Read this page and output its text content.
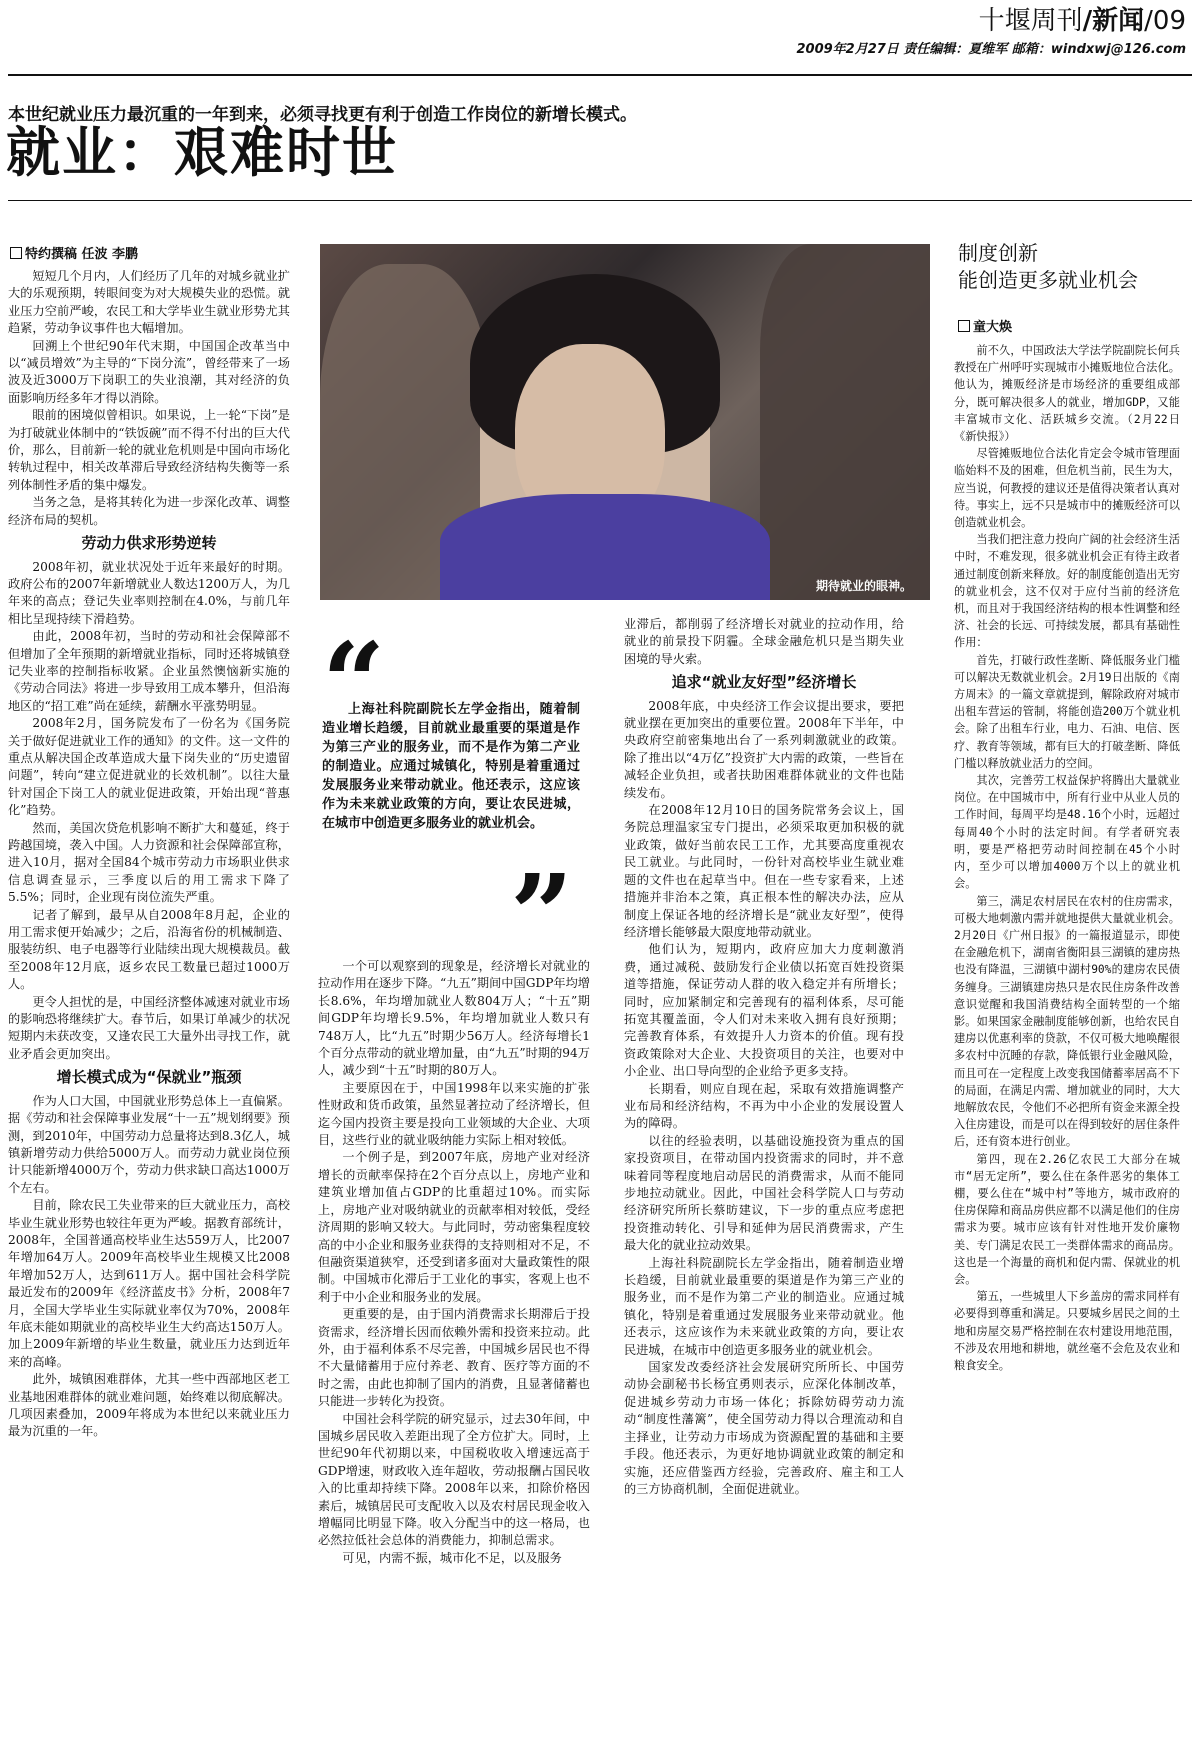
十堰周刊/新闻/09
2009年2月27日 责任编辑：夏维军 邮箱：windxwj@126.com
本世纪就业压力最沉重的一年到来，必须寻找更有利于创造工作岗位的新增长模式。
就业：艰难时世
特约撰稿 任波 李鹏
期待就业的眼神。

短短几个月内，人们经历了几年的对城乡就业扩大的乐观预期，转眼间变为对大规模失业的恐慌。就业压力空前严峻，农民工和大学毕业生就业形势尤其趋紧，劳动争议事件也大幅增加。

回溯上个世纪90年代末期，中国国企改革当中以“减员增效”为主导的“下岗分流”，曾经带来了一场波及近3000万下岗职工的失业浪潮，其对经济的负面影响历经多年才得以消除。

眼前的困境似曾相识。如果说，上一轮“下岗”是为打破就业体制中的“铁饭碗”而不得不付出的巨大代价，那么，目前新一轮的就业危机则是中国向市场化转轨过程中，相关改革滞后导致经济结构失衡等一系列体制性矛盾的集中爆发。

当务之急，是将其转化为进一步深化改革、调整经济布局的契机。

劳动力供求形势逆转

2008年初，就业状况处于近年来最好的时期。政府公布的2007年新增就业人数达1200万人，为几年来的高点；登记失业率则控制在4.0%，与前几年相比呈现持续下滑趋势。

由此，2008年初，当时的劳动和社会保障部不但增加了全年预期的新增就业指标，同时还将城镇登记失业率的控制指标收紧。企业虽然懊恼新实施的《劳动合同法》将进一步导致用工成本攀升，但沿海地区的“招工难”尚在延续，薪酬水平涨势明显。

2008年2月，国务院发布了一份名为《国务院关于做好促进就业工作的通知》的文件。这一文件的重点从解决国企改革造成大量下岗失业的“历史遗留问题”，转向“建立促进就业的长效机制”。以往大量针对国企下岗工人的就业促进政策，开始出现“普惠化”趋势。

然而，美国次贷危机影响不断扩大和蔓延，终于跨越国境，袭入中国。人力资源和社会保障部宣称，进入10月，据对全国84个城市劳动力市场职业供求信息调查显示，三季度以后的用工需求下降了5.5%；同时，企业现有岗位流失严重。

记者了解到，最早从自2008年8月起，企业的用工需求便开始减少；之后，沿海省份的机械制造、服装纺织、电子电器等行业陆续出现大规模裁员。截至2008年12月底，返乡农民工数量已超过1000万人。

更令人担忧的是，中国经济整体减速对就业市场的影响恐将继续扩大。春节后，如果订单减少的状况短期内未获改变，又逢农民工大量外出寻找工作，就业矛盾会更加突出。

增长模式成为“保就业”瓶颈

作为人口大国，中国就业形势总体上一直偏紧。据《劳动和社会保障事业发展“十一五”规划纲要》预测，到2010年，中国劳动力总量将达到8.3亿人，城镇新增劳动力供给5000万人。而劳动力就业岗位预计只能新增4000万个，劳动力供求缺口高达1000万个左右。

目前，除农民工失业带来的巨大就业压力，高校毕业生就业形势也较往年更为严峻。据教育部统计，2008年，全国普通高校毕业生达559万人，比2007年增加64万人。2009年高校毕业生规模又比2008年增加52万人，达到611万人。据中国社会科学院最近发布的2009年《经济蓝皮书》分析，2008年7月，全国大学毕业生实际就业率仅为70%，2008年年底未能如期就业的高校毕业生大约高达150万人。加上2009年新增的毕业生数量，就业压力达到近年来的高峰。

此外，城镇困难群体，尤其一些中西部地区老工业基地困难群体的就业难问题，始终难以彻底解决。几项因素叠加，2009年将成为本世纪以来就业压力最为沉重的一年。

“
上海社科院副院长左学金指出，随着制造业增长趋缓，目前就业最重要的渠道是作为第三产业的服务业，而不是作为第二产业的制造业。应通过城镇化，特别是着重通过发展服务业来带动就业。他还表示，这应该作为未来就业政策的方向，要让农民进城，在城市中创造更多服务业的就业机会。
”

一个可以观察到的现象是，经济增长对就业的拉动作用在逐步下降。“九五”期间中国GDP年均增长8.6%，年均增加就业人数804万人；“十五”期间GDP年均增长9.5%，年均增加就业人数只有748万人，比“九五”时期少56万人。经济每增长1个百分点带动的就业增加量，由“九五”时期的94万人，减少到“十五”时期的80万人。

主要原因在于，中国1998年以来实施的扩张性财政和货币政策，虽然显著拉动了经济增长，但迄今国内投资主要是投向工业领域的大企业、大项目，这些行业的就业吸纳能力实际上相对较低。

一个例子是，到2007年底，房地产业对经济增长的贡献率保持在2个百分点以上，房地产业和建筑业增加值占GDP的比重超过10%。而实际上，房地产业对吸纳就业的贡献率相对较低，受经济周期的影响又较大。与此同时，劳动密集程度较高的中小企业和服务业获得的支持则相对不足，不但融资渠道狭窄，还受到诸多面对大量政策性的限制。中国城市化滞后于工业化的事实，客观上也不利于中小企业和服务业的发展。

更重要的是，由于国内消费需求长期滞后于投资需求，经济增长因而依赖外需和投资来拉动。此外，由于福利体系不尽完善，中国城乡居民也不得不大量储蓄用于应付养老、教育、医疗等方面的不时之需，由此也抑制了国内的消费，且显著储蓄也只能进一步转化为投资。

中国社会科学院的研究显示，过去30年间，中国城乡居民收入差距出现了全方位扩大。同时，上世纪90年代初期以来，中国税收收入增速远高于GDP增速，财政收入连年超收，劳动报酬占国民收入的比重却持续下降。2008年以来，扣除价格因素后，城镇居民可支配收入以及农村居民现金收入增幅同比明显下降。收入分配当中的这一格局，也必然拉低社会总体的消费能力，抑制总需求。

可见，内需不振，城市化不足，以及服务

业滞后，都削弱了经济增长对就业的拉动作用，给就业的前景投下阴霾。全球金融危机只是当期失业困境的导火索。

追求“就业友好型”经济增长

2008年底，中央经济工作会议提出要求，要把就业摆在更加突出的重要位置。2008年下半年，中央政府空前密集地出台了一系列刺激就业的政策。除了推出以“4万亿”投资扩大内需的政策，一些旨在减轻企业负担，或者扶助困难群体就业的文件也陆续发布。

在2008年12月10日的国务院常务会议上，国务院总理温家宝专门提出，必须采取更加积极的就业政策，做好当前农民工工作，尤其要高度重视农民工就业。与此同时，一份针对高校毕业生就业难题的文件也在起草当中。但在一些专家看来，上述措施并非治本之策，真正根本性的解决办法，应从制度上保证各地的经济增长是“就业友好型”，使得经济增长能够最大限度地带动就业。

他们认为，短期内，政府应加大力度刺激消费，通过减税、鼓励发行企业债以拓宽百姓投资渠道等措施，保证劳动人群的收入稳定并有所增长；同时，应加紧制定和完善现有的福利体系，尽可能拓宽其覆盖面，令人们对未来收入拥有良好预期；完善教育体系，有效提升人力资本的价值。现有投资政策除对大企业、大投资项目的关注，也要对中小企业、出口导向型的企业给予更多支持。

长期看，则应自现在起，采取有效措施调整产业布局和经济结构，不再为中小企业的发展设置人为的障碍。

以往的经验表明，以基础设施投资为重点的国家投资项目，在带动国内投资需求的同时，并不意味着同等程度地启动居民的消费需求，从而不能同步地拉动就业。因此，中国社会科学院人口与劳动经济研究所所长蔡昉建议，下一步的重点应考虑把投资推动转化、引导和延伸为居民消费需求，产生最大化的就业拉动效果。

上海社科院副院长左学金指出，随着制造业增长趋缓，目前就业最重要的渠道是作为第三产业的服务业，而不是作为第二产业的制造业。应通过城镇化，特别是着重通过发展服务业来带动就业。他还表示，这应该作为未来就业政策的方向，要让农民进城，在城市中创造更多服务业的就业机会。

国家发改委经济社会发展研究所所长、中国劳动协会副秘书长杨宜勇则表示，应深化体制改革，促进城乡劳动力市场一体化；拆除妨碍劳动力流动“制度性藩篱”，使全国劳动力得以合理流动和自主择业，让劳动力市场成为资源配置的基础和主要手段。他还表示，为更好地协调就业政策的制定和实施，还应借鉴西方经验，完善政府、雇主和工人的三方协商机制，全面促进就业。

制度创新
能创造更多就业机会
童大焕

前不久，中国政法大学法学院副院长何兵教授在广州呼吁实现城市小摊贩地位合法化。他认为，摊贩经济是市场经济的重要组成部分，既可解决很多人的就业，增加GDP，又能丰富城市文化、活跃城乡交流。（2月22日《新快报》）

尽管摊贩地位合法化肯定会令城市管理面临始料不及的困难，但危机当前，民生为大，应当说，何教授的建议还是值得决策者认真对待。事实上，远不只是城市中的摊贩经济可以创造就业机会。

当我们把注意力投向广阔的社会经济生活中时，不难发现，很多就业机会正有待主政者通过制度创新来释放。好的制度能创造出无穷的就业机会，这不仅对于应付当前的经济危机，而且对于我国经济结构的根本性调整和经济、社会的长远、可持续发展，都具有基础性作用：

首先，打破行政性垄断、降低服务业门槛可以解决无数就业机会。2月19日出版的《南方周末》的一篇文章就提到，解除政府对城市出租车营运的管制，将能创造200万个就业机会。除了出租车行业，电力、石油、电信、医疗、教育等领域，都有巨大的打破垄断、降低门槛以释放就业活力的空间。

其次，完善劳工权益保护将腾出大量就业岗位。在中国城市中，所有行业中从业人员的工作时间，每周平均是48.16个小时，远超过每周40个小时的法定时间。有学者研究表明，要是严格把劳动时间控制在45个小时内，至少可以增加4000万个以上的就业机会。

第三，满足农村居民在农村的住房需求，可极大地刺激内需并就地提供大量就业机会。2月20日《广州日报》的一篇报道显示，即使在金融危机下，湖南省衡阳县三湖镇的建房热也没有降温，三湖镇中湖村90%的建房农民债务缠身。三湖镇建房热只是农民住房条件改善意识觉醒和我国消费结构全面转型的一个缩影。如果国家金融制度能够创新，也给农民自建房以优惠利率的贷款，不仅可极大地唤醒很多农村中沉睡的存款，降低银行业金融风险，而且可在一定程度上改变我国储蓄率居高不下的局面，在满足内需、增加就业的同时，大大地解放农民，令他们不必把所有资金来源全投入住房建设，而是可以在得到较好的居住条件后，还有资本进行创业。

第四，现在2.26亿农民工大部分在城市“居无定所”，要么住在条件恶劣的集体工棚，要么住在“城中村”等地方，城市政府的住房保障和商品房供应都不以满足他们的住房需求为要。城市应该有针对性地开发价廉物美、专门满足农民工一类群体需求的商品房。这也是一个海量的商机和促内需、保就业的机会。

第五，一些城里人下乡盖房的需求同样有必要得到尊重和满足。只要城乡居民之间的土地和房屋交易严格控制在农村建设用地范围，不涉及农用地和耕地，就丝毫不会危及农业和粮食安全。
